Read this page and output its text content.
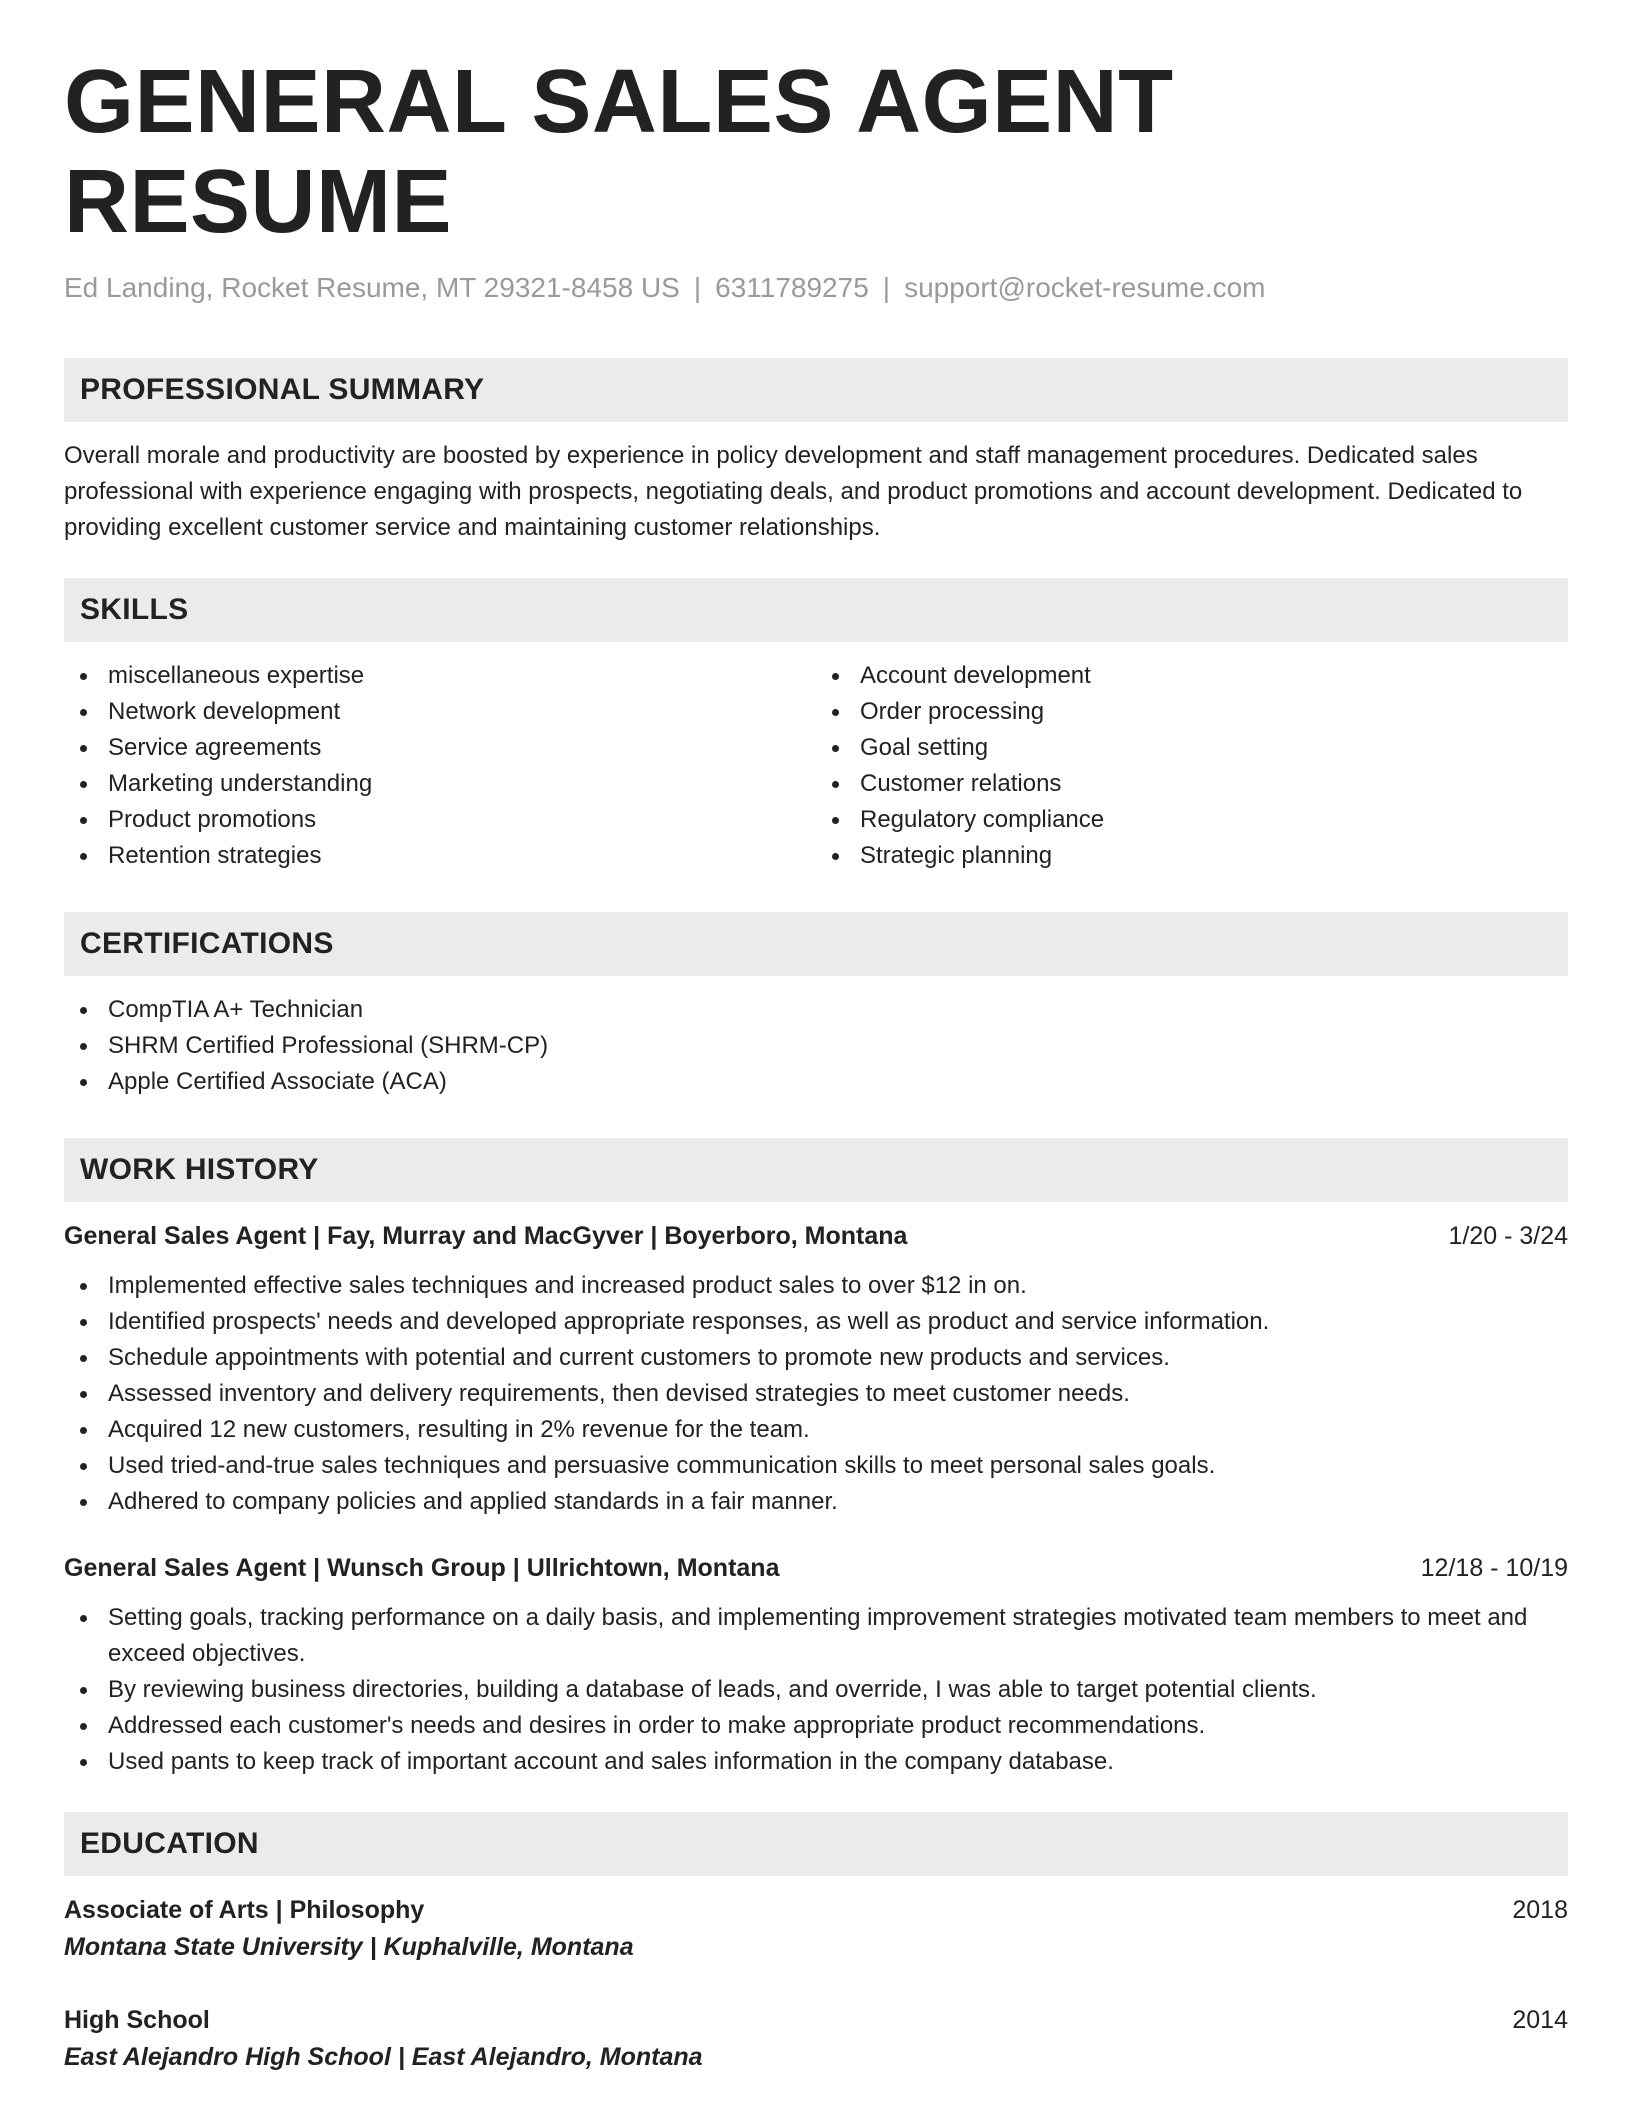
GENERAL SALES AGENT RESUME
Ed Landing, Rocket Resume, MT 29321-8458 US | 6311789275 | support@rocket-resume.com
PROFESSIONAL SUMMARY
Overall morale and productivity are boosted by experience in policy development and staff management procedures. Dedicated sales professional with experience engaging with prospects, negotiating deals, and product promotions and account development. Dedicated to providing excellent customer service and maintaining customer relationships.
SKILLS
miscellaneous expertise
Network development
Service agreements
Marketing understanding
Product promotions
Retention strategies
Account development
Order processing
Goal setting
Customer relations
Regulatory compliance
Strategic planning
CERTIFICATIONS
CompTIA A+ Technician
SHRM Certified Professional (SHRM-CP)
Apple Certified Associate (ACA)
WORK HISTORY
General Sales Agent | Fay, Murray and MacGyver | Boyerboro, Montana	1/20 - 3/24
Implemented effective sales techniques and increased product sales to over $12 in on.
Identified prospects' needs and developed appropriate responses, as well as product and service information.
Schedule appointments with potential and current customers to promote new products and services.
Assessed inventory and delivery requirements, then devised strategies to meet customer needs.
Acquired 12 new customers, resulting in 2% revenue for the team.
Used tried-and-true sales techniques and persuasive communication skills to meet personal sales goals.
Adhered to company policies and applied standards in a fair manner.
General Sales Agent | Wunsch Group | Ullrichtown, Montana	12/18 - 10/19
Setting goals, tracking performance on a daily basis, and implementing improvement strategies motivated team members to meet and exceed objectives.
By reviewing business directories, building a database of leads, and override, I was able to target potential clients.
Addressed each customer's needs and desires in order to make appropriate product recommendations.
Used pants to keep track of important account and sales information in the company database.
EDUCATION
Associate of Arts | Philosophy	2018
Montana State University | Kuphalville, Montana
High School	2014
East Alejandro High School | East Alejandro, Montana
